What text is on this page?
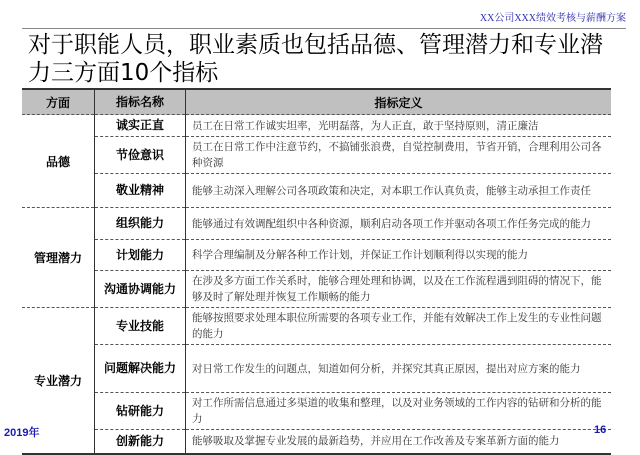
XX公司XXX绩效考核与薪酬方案
对于职能人员，职业素质也包括品德、管理潜力和专业潜力三方面10个指标
方面	指标名称	指标定义
品德	诚实正直	员工在日常工作诚实坦率，光明磊落，为人正直，敢于坚持原则，清正廉洁
	节俭意识	员工在日常工作中注意节约，不搞铺张浪费，自觉控制费用，节省开销，合理利用公司各种资源
	敬业精神	能够主动深入理解公司各项政策和决定，对本职工作认真负责，能够主动承担工作责任
管理潜力	组织能力	能够通过有效调配组织中各种资源，顺利启动各项工作并驱动各项工作任务完成的能力
	计划能力	科学合理编制及分解各种工作计划，并保证工作计划顺利得以实现的能力
	沟通协调能力	在涉及多方面工作关系时，能够合理处理和协调，以及在工作流程遇到阻碍的情况下，能够及时了解处理并恢复工作顺畅的能力
专业潜力	专业技能	能够按照要求处理本职位所需要的各项专业工作，并能有效解决工作上发生的专业性问题的能力
	问题解决能力	对日常工作发生的问题点，知道如何分析，并探究其真正原因，提出对应方案的能力
	钻研能力	对工作所需信息通过多渠道的收集和整理，以及对业务领域的工作内容的钻研和分析的能力
	创新能力	能够吸取及掌握专业发展的最新趋势，并应用在工作改善及专案革新方面的能力
2019年	16
